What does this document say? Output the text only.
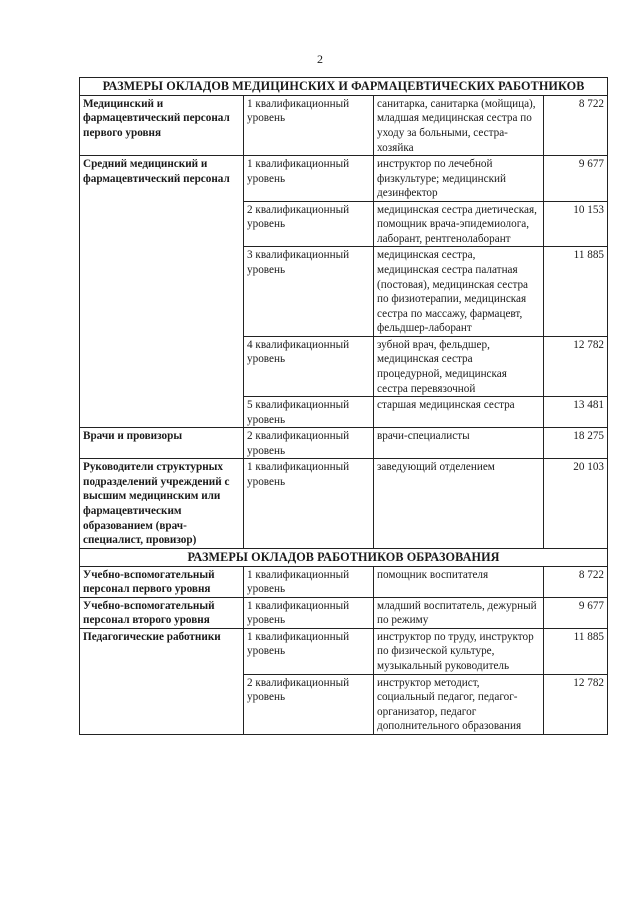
2
РАЗМЕРЫ ОКЛАДОВ МЕДИЦИНСКИХ И ФАРМАЦЕВТИЧЕСКИХ РАБОТНИКОВ			
Медицинский и фармацевтический персонал первого уровня	1 квалификационный уровень	санитарка, санитарка (мойщица), младшая медицинская сестра по уходу за больными, сестра-хозяйка	8 722
Средний медицинский и фармацевтический персонал	1 квалификационный уровень	инструктор по лечебной физкультуре; медицинский дезинфектор	9 677
	2 квалификационный уровень	медицинская сестра диетическая, помощник врача-эпидемиолога, лаборант, рентгенолаборант	10 153
	3 квалификационный уровень	медицинская сестра, медицинская сестра палатная (постовая), медицинская сестра по физиотерапии, медицинская сестра по массажу, фармацевт, фельдшер-лаборант	11 885
	4 квалификационный уровень	зубной врач, фельдшер, медицинская сестра процедурной, медицинская сестра перевязочной	12 782
	5 квалификационный уровень	старшая медицинская сестра	13 481
Врачи и провизоры	2 квалификационный уровень	врачи-специалисты	18 275
Руководители структурных подразделений учреждений с высшим медицинским или фармацевтическим образованием (врач-специалист, провизор)	1 квалификационный уровень	заведующий отделением	20 103
РАЗМЕРЫ ОКЛАДОВ РАБОТНИКОВ ОБРАЗОВАНИЯ			
Учебно-вспомогательный персонал первого уровня	1 квалификационный уровень	помощник воспитателя	8 722
Учебно-вспомогательный персонал второго уровня	1 квалификационный уровень	младший воспитатель, дежурный по режиму	9 677
Педагогические работники	1 квалификационный уровень	инструктор по труду, инструктор по физической культуре, музыкальный руководитель	11 885
	2 квалификационный уровень	инструктор методист, социальный педагог, педагог- организатор, педагог дополнительного образования	12 782
